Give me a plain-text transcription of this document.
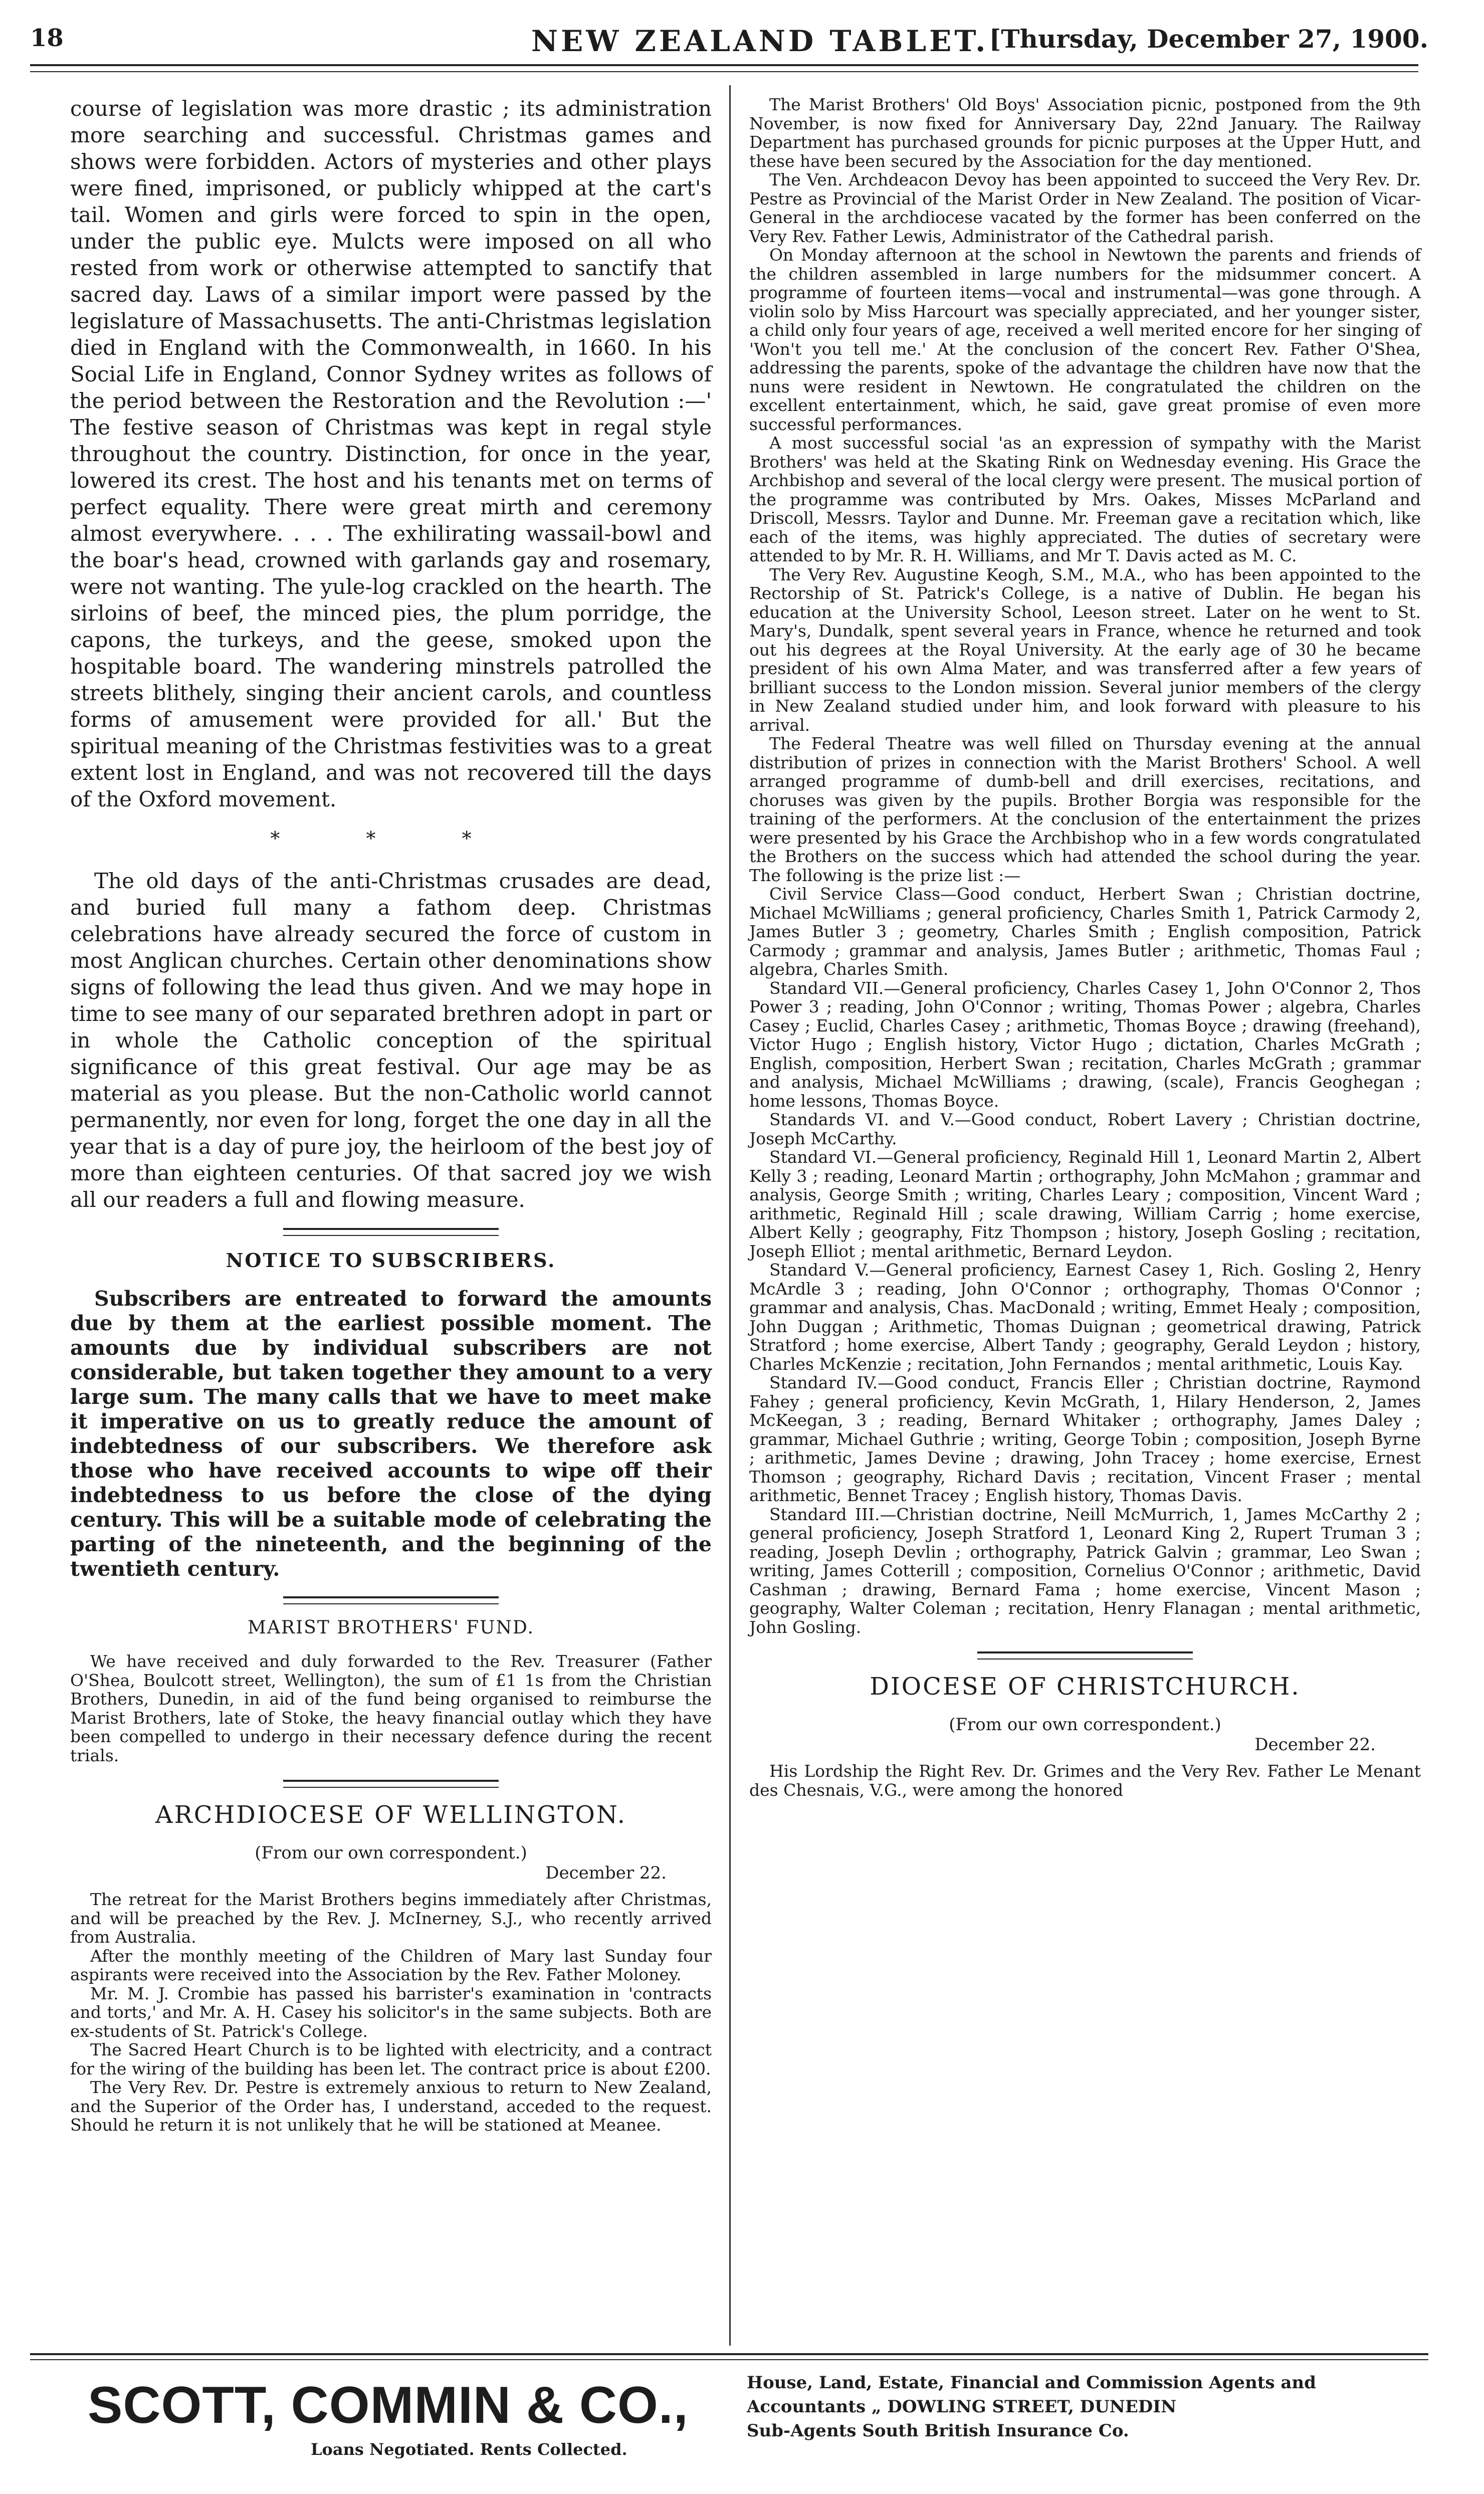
18	NEW ZEALAND TABLET. [Thursday, December 27, 1900.

course of legislation was more drastic ; its administration more searching and successful. Christmas games and shows were forbidden. Actors of mysteries and other plays were fined, imprisoned, or publicly whipped at the cart's tail. Women and girls were forced to spin in the open, under the public eye. Mulcts were imposed on all who rested from work or otherwise attempted to sanctify that sacred day. Laws of a similar import were passed by the legislature of Massachusetts. The anti-Christmas legislation died in England with the Commonwealth, in 1660. In his Social Life in England, Connor Sydney writes as follows of the period between the Restoration and the Revolution :—' The festive season of Christmas was kept in regal style throughout the country. Distinction, for once in the year, lowered its crest. The host and his tenants met on terms of perfect equality. There were great mirth and ceremony almost everywhere. . . . The exhilirating wassail-bowl and the boar's head, crowned with garlands gay and rosemary, were not wanting. The yule-log crackled on the hearth. The sirloins of beef, the minced pies, the plum porridge, the capons, the turkeys, and the geese, smoked upon the hospitable board. The wandering minstrels patrolled the streets blithely, singing their ancient carols, and countless forms of amusement were provided for all.' But the spiritual meaning of the Christmas festivities was to a great extent lost in England, and was not recovered till the days of the Oxford movement.

* * *

The old days of the anti-Christmas crusades are dead, and buried full many a fathom deep. Christmas celebrations have already secured the force of custom in most Anglican churches. Certain other denominations show signs of following the lead thus given. And we may hope in time to see many of our separated brethren adopt in part or in whole the Catholic conception of the spiritual significance of this great festival. Our age may be as material as you please. But the non-Catholic world cannot permanently, nor even for long, forget the one day in all the year that is a day of pure joy, the heirloom of the best joy of more than eighteen centuries. Of that sacred joy we wish all our readers a full and flowing measure.

NOTICE TO SUBSCRIBERS.

Subscribers are entreated to forward the amounts due by them at the earliest possible moment. The amounts due by individual subscribers are not considerable, but taken together they amount to a very large sum. The many calls that we have to meet make it imperative on us to greatly reduce the amount of indebtedness of our subscribers. We therefore ask those who have received accounts to wipe off their indebtedness to us before the close of the dying century. This will be a suitable mode of celebrating the parting of the nineteenth, and the beginning of the twentieth century.

MARIST BROTHERS' FUND.

We have received and duly forwarded to the Rev. Treasurer (Father O'Shea, Boulcott street, Wellington), the sum of £1 1s from the Christian Brothers, Dunedin, in aid of the fund being organised to reimburse the Marist Brothers, late of Stoke, the heavy financial outlay which they have been compelled to undergo in their necessary defence during the recent trials.

ARCHDIOCESE OF WELLINGTON.
(From our own correspondent.)
December 22.

The retreat for the Marist Brothers begins immediately after Christmas, and will be preached by the Rev. J. McInerney, S.J., who recently arrived from Australia.

After the monthly meeting of the Children of Mary last Sunday four aspirants were received into the Association by the Rev. Father Moloney.

Mr. M. J. Crombie has passed his barrister's examination in 'contracts and torts,' and Mr. A. H. Casey his solicitor's in the same subjects. Both are ex-students of St. Patrick's College.

The Sacred Heart Church is to be lighted with electricity, and a contract for the wiring of the building has been let. The contract price is about £200.

The Very Rev. Dr. Pestre is extremely anxious to return to New Zealand, and the Superior of the Order has, I understand, acceded to the request. Should he return it is not unlikely that he will be stationed at Meanee.

The Marist Brothers' Old Boys' Association picnic, postponed from the 9th November, is now fixed for Anniversary Day, 22nd January. The Railway Department has purchased grounds for picnic purposes at the Upper Hutt, and these have been secured by the Association for the day mentioned.

The Ven. Archdeacon Devoy has been appointed to succeed the Very Rev. Dr. Pestre as Provincial of the Marist Order in New Zealand. The position of Vicar-General in the archdiocese vacated by the former has been conferred on the Very Rev. Father Lewis, Administrator of the Cathedral parish.

On Monday afternoon at the school in Newtown the parents and friends of the children assembled in large numbers for the midsummer concert. A programme of fourteen items—vocal and instrumental—was gone through. A violin solo by Miss Harcourt was specially appreciated, and her younger sister, a child only four years of age, received a well merited encore for her singing of 'Won't you tell me.' At the conclusion of the concert Rev. Father O'Shea, addressing the parents, spoke of the advantage the children have now that the nuns were resident in Newtown. He congratulated the children on the excellent entertainment, which, he said, gave great promise of even more successful performances.

A most successful social 'as an expression of sympathy with the Marist Brothers' was held at the Skating Rink on Wednesday evening. His Grace the Archbishop and several of the local clergy were present. The musical portion of the programme was contributed by Mrs. Oakes, Misses McParland and Driscoll, Messrs. Taylor and Dunne. Mr. Freeman gave a recitation which, like each of the items, was highly appreciated. The duties of secretary were attended to by Mr. R. H. Williams, and Mr T. Davis acted as M. C.

The Very Rev. Augustine Keogh, S.M., M.A., who has been appointed to the Rectorship of St. Patrick's College, is a native of Dublin. He began his education at the University School, Leeson street. Later on he went to St. Mary's, Dundalk, spent several years in France, whence he returned and took out his degrees at the Royal University. At the early age of 30 he became president of his own Alma Mater, and was transferred after a few years of brilliant success to the London mission. Several junior members of the clergy in New Zealand studied under him, and look forward with pleasure to his arrival.

The Federal Theatre was well filled on Thursday evening at the annual distribution of prizes in connection with the Marist Brothers' School. A well arranged programme of dumb-bell and drill exercises, recitations, and choruses was given by the pupils. Brother Borgia was responsible for the training of the performers. At the conclusion of the entertainment the prizes were presented by his Grace the Archbishop who in a few words congratulated the Brothers on the success which had attended the school during the year. The following is the prize list :—

Civil Service Class—Good conduct, Herbert Swan ; Christian doctrine, Michael McWilliams ; general proficiency, Charles Smith 1, Patrick Carmody 2, James Butler 3 ; geometry, Charles Smith ; English composition, Patrick Carmody ; grammar and analysis, James Butler ; arithmetic, Thomas Faul ; algebra, Charles Smith.

Standard VII.—General proficiency, Charles Casey 1, John O'Connor 2, Thos Power 3 ; reading, John O'Connor ; writing, Thomas Power ; algebra, Charles Casey ; Euclid, Charles Casey ; arithmetic, Thomas Boyce ; drawing (freehand), Victor Hugo ; English history, Victor Hugo ; dictation, Charles McGrath ; English, composition, Herbert Swan ; recitation, Charles McGrath ; grammar and analysis, Michael McWilliams ; drawing, (scale), Francis Geoghegan ; home lessons, Thomas Boyce.

Standards VI. and V.—Good conduct, Robert Lavery ; Christian doctrine, Joseph McCarthy.

Standard VI.—General proficiency, Reginald Hill 1, Leonard Martin 2, Albert Kelly 3 ; reading, Leonard Martin ; orthography, John McMahon ; grammar and analysis, George Smith ; writing, Charles Leary ; composition, Vincent Ward ; arithmetic, Reginald Hill ; scale drawing, William Carrig ; home exercise, Albert Kelly ; geography, Fitz Thompson ; history, Joseph Gosling ; recitation, Joseph Elliot ; mental arithmetic, Bernard Leydon.

Standard V.—General proficiency, Earnest Casey 1, Rich. Gosling 2, Henry McArdle 3 ; reading, John O'Connor ; orthography, Thomas O'Connor ; grammar and analysis, Chas. MacDonald ; writing, Emmet Healy ; composition, John Duggan ; Arithmetic, Thomas Duignan ; geometrical drawing, Patrick Stratford ; home exercise, Albert Tandy ; geography, Gerald Leydon ; history, Charles McKenzie ; recitation, John Fernandos ; mental arithmetic, Louis Kay.

Standard IV.—Good conduct, Francis Eller ; Christian doctrine, Raymond Fahey ; general proficiency, Kevin McGrath, 1, Hilary Henderson, 2, James McKeegan, 3 ; reading, Bernard Whitaker ; orthography, James Daley ; grammar, Michael Guthrie ; writing, George Tobin ; composition, Joseph Byrne ; arithmetic, James Devine ; drawing, John Tracey ; home exercise, Ernest Thomson ; geography, Richard Davis ; recitation, Vincent Fraser ; mental arithmetic, Bennet Tracey ; English history, Thomas Davis.

Standard III.—Christian doctrine, Neill McMurrich, 1, James McCarthy 2 ; general proficiency, Joseph Stratford 1, Leonard King 2, Rupert Truman 3 ; reading, Joseph Devlin ; orthography, Patrick Galvin ; grammar, Leo Swan ; writing, James Cotterill ; composition, Cornelius O'Connor ; arithmetic, David Cashman ; drawing, Bernard Fama ; home exercise, Vincent Mason ; geography, Walter Coleman ; recitation, Henry Flanagan ; mental arithmetic, John Gosling.

DIOCESE OF CHRISTCHURCH.
(From our own correspondent.)
December 22.

His Lordship the Right Rev. Dr. Grimes and the Very Rev. Father Le Menant des Chesnais, V.G., were among the honored

SCOTT, COMMIN & CO.,	House, Land, Estate, Financial and Commission Agents and
Accountants „ DOWLING STREET, DUNEDIN
Sub-Agents South British Insurance Co.
Loans Negotiated. Rents Collected.
